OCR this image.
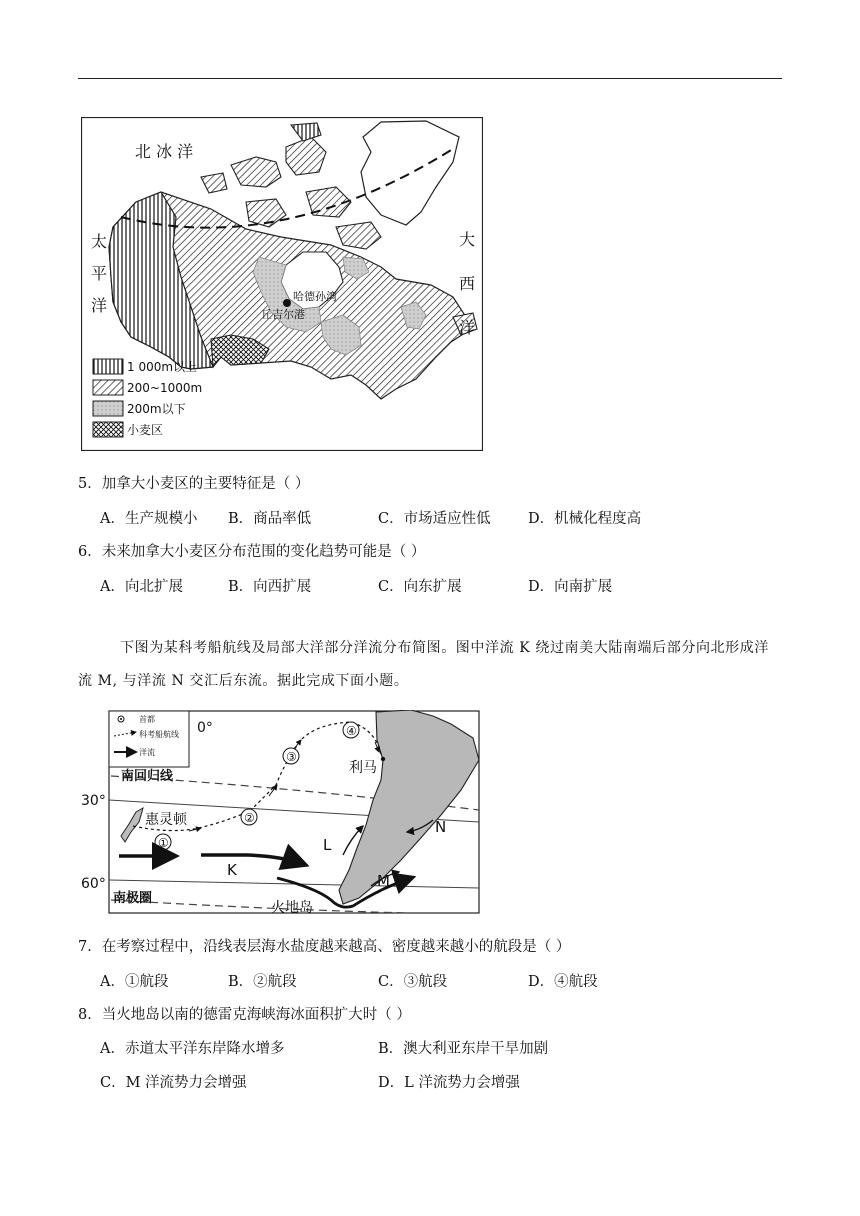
哈德孙湾
丘吉尔港
北 冰 洋
太平洋
大西洋
1 000m以上
200~1000m
200m以下
小麦区
5．加拿大小麦区的主要特征是（ ）
A．生产规模小 B．商品率低	C．市场适应性低	D．机械化程度高
6．未来加拿大小麦区分布范围的变化趋势可能是（ ）
A．向北扩展	B．向西扩展	C．向东扩展	D．向南扩展
下图为某科考船航线及局部大洋部分洋流分布简图。图中洋流 K 绕过南美大陆南端后部分向北形成洋
流 M, 与洋流 N 交汇后东流。据此完成下面小题。
首都
科考船航线
洋流
0°
30°
60°
南回归线
南极圈
惠灵顿
利马
火地岛
①
②
③
④
K
L
N
M
7．在考察过程中，沿线表层海水盐度越来越高、密度越来越小的航段是（ ）
A．①航段	B．②航段	C．③航段	D．④航段
8．当火地岛以南的德雷克海峡海冰面积扩大时（ ）
A．赤道太平洋东岸降水增多	B．澳大利亚东岸干旱加剧
C．M 洋流势力会增强	D．L 洋流势力会增强
